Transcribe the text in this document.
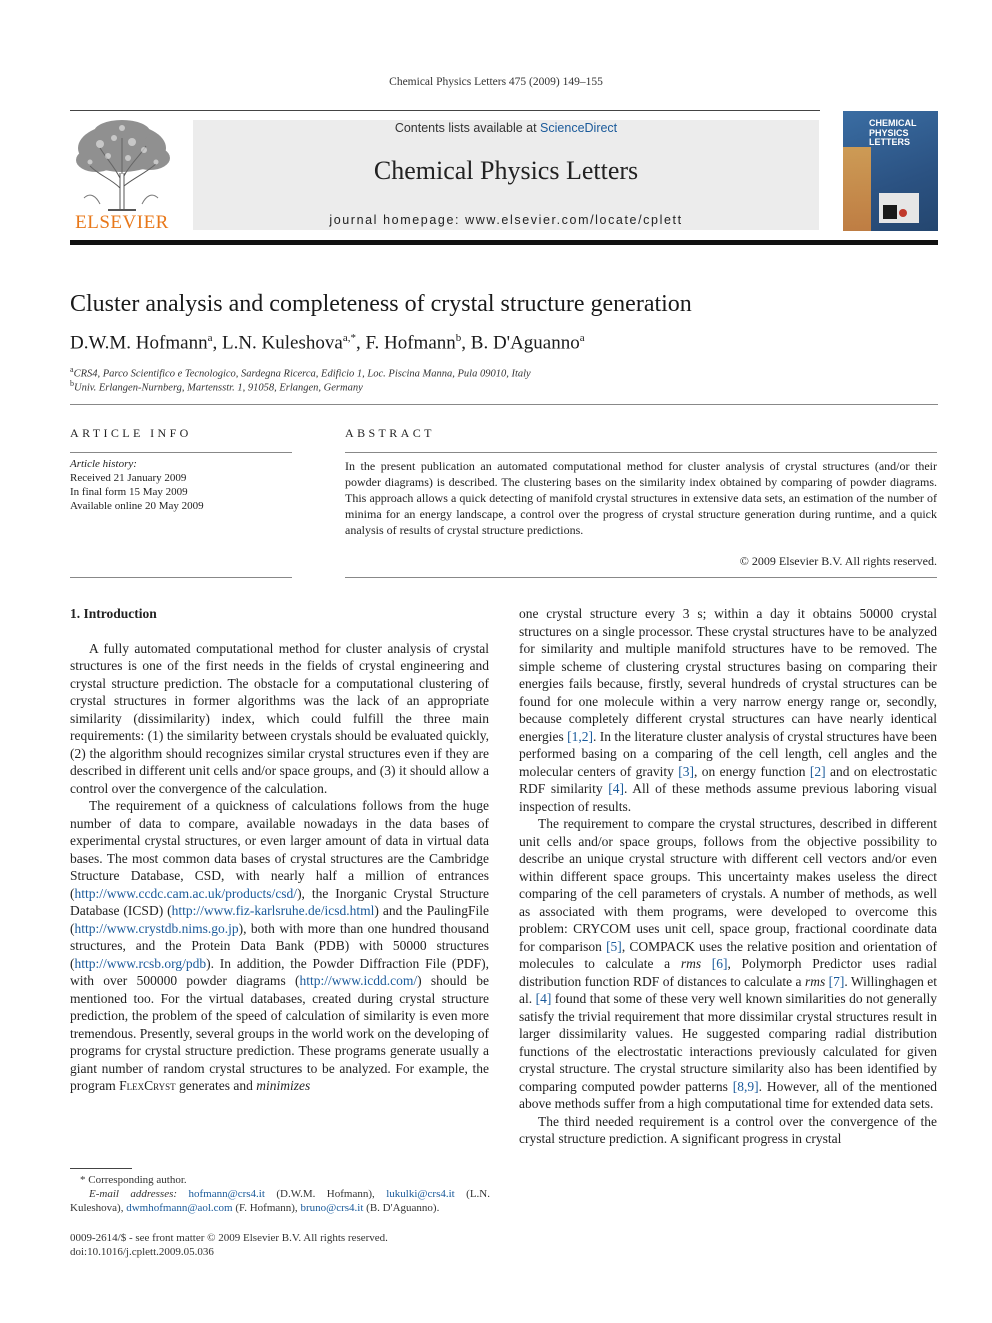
Chemical Physics Letters 475 (2009) 149–155
ELSEVIER
Contents lists available at ScienceDirect
Chemical Physics Letters
journal homepage: www.elsevier.com/locate/cplett
CHEMICAL
PHYSICS
LETTERS
Cluster analysis and completeness of crystal structure generation
D.W.M. Hofmann$^a$, L.N. Kuleshova$^{a,*}$, F. Hofmann$^b$, B. D'Aguanno$^a$
$^a$CRS4, Parco Scientifico e Tecnologico, Sardegna Ricerca, Edificio 1, Loc. Piscina Manna, Pula 09010, Italy
$^b$Univ. Erlangen-Nurnberg, Martensstr. 1, 91058, Erlangen, Germany
ARTICLE INFO
Article history:
Received 21 January 2009
In final form 15 May 2009
Available online 20 May 2009
ABSTRACT
In the present publication an automated computational method for cluster analysis of crystal structures (and/or their powder diagrams) is described. The clustering bases on the similarity index obtained by comparing of powder diagrams. This approach allows a quick detecting of manifold crystal structures in extensive data sets, an estimation of the number of minima for an energy landscape, a control over the progress of crystal structure generation during runtime, and a quick analysis of results of crystal structure predictions.
© 2009 Elsevier B.V. All rights reserved.
1. Introduction

A fully automated computational method for cluster analysis of crystal structures is one of the first needs in the fields of crystal engineering and crystal structure prediction. The obstacle for a computational clustering of crystal structures in former algorithms was the lack of an appropriate similarity (dissimilarity) index, which could fulfill the three main requirements: (1) the similarity between crystals should be evaluated quickly, (2) the algorithm should recognizes similar crystal structures even if they are described in different unit cells and/or space groups, and (3) it should allow a control over the convergence of the calculation.

The requirement of a quickness of calculations follows from the huge number of data to compare, available nowadays in the data bases of experimental crystal structures, or even larger amount of data in virtual data bases. The most common data bases of crystal structures are the Cambridge Structure Database, CSD, with nearly half a million of entrances (http://www.ccdc.cam.ac.uk/products/csd/), the Inorganic Crystal Structure Database (ICSD) (http://www.fiz-karlsruhe.de/icsd.html) and the PaulingFile (http://www.crystdb.nims.go.jp), both with more than one hundred thousand structures, and the Protein Data Bank (PDB) with 50000 structures (http://www.rcsb.org/pdb). In addition, the Powder Diffraction File (PDF), with over 500000 powder diagrams (http://www.icdd.com/) should be mentioned too. For the virtual databases, created during crystal structure prediction, the problem of the speed of calculation of similarity is even more tremendous. Presently, several groups in the world work on the developing of programs for crystal structure prediction. These programs generate usually a giant number of random crystal structures to be analyzed. For example, the program FlexCryst generates and minimizes

one crystal structure every 3 s; within a day it obtains 50000 crystal structures on a single processor. These crystal structures have to be analyzed for similarity and multiple manifold structures have to be removed. The simple scheme of clustering crystal structures basing on comparing their energies fails because, firstly, several hundreds of crystal structures can be found for one molecule within a very narrow energy range or, secondly, because completely different crystal structures can have nearly identical energies [1,2]. In the literature cluster analysis of crystal structures have been performed basing on a comparing of the cell length, cell angles and the molecular centers of gravity [3], on energy function [2] and on electrostatic RDF similarity [4]. All of these methods assume previous laboring visual inspection of results.

The requirement to compare the crystal structures, described in different unit cells and/or space groups, follows from the objective possibility to describe an unique crystal structure with different cell vectors and/or even within different space groups. This uncertainty makes useless the direct comparing of the cell parameters of crystals. A number of methods, as well as associated with them programs, were developed to overcome this problem: CRYCOM uses unit cell, space group, fractional coordinate data for comparison [5], COMPACK uses the relative position and orientation of molecules to calculate a rms [6], Polymorph Predictor uses radial distribution function RDF of distances to calculate a rms [7]. Willinghagen et al. [4] found that some of these very well known similarities do not generally satisfy the trivial requirement that more dissimilar crystal structures result in larger dissimilarity values. He suggested comparing radial distribution functions of the electrostatic interactions previously calculated for given crystal structure. The crystal structure similarity also has been identified by comparing computed powder patterns [8,9]. However, all of the mentioned above methods suffer from a high computational time for extended data sets.

The third needed requirement is a control over the convergence of the crystal structure prediction. A significant progress in crystal

* Corresponding author.
E-mail addresses: hofmann@crs4.it (D.W.M. Hofmann), lukulki@crs4.it (L.N. Kuleshova), dwmhofmann@aol.com (F. Hofmann), bruno@crs4.it (B. D'Aguanno).
0009-2614/$ - see front matter © 2009 Elsevier B.V. All rights reserved.
doi:10.1016/j.cplett.2009.05.036
